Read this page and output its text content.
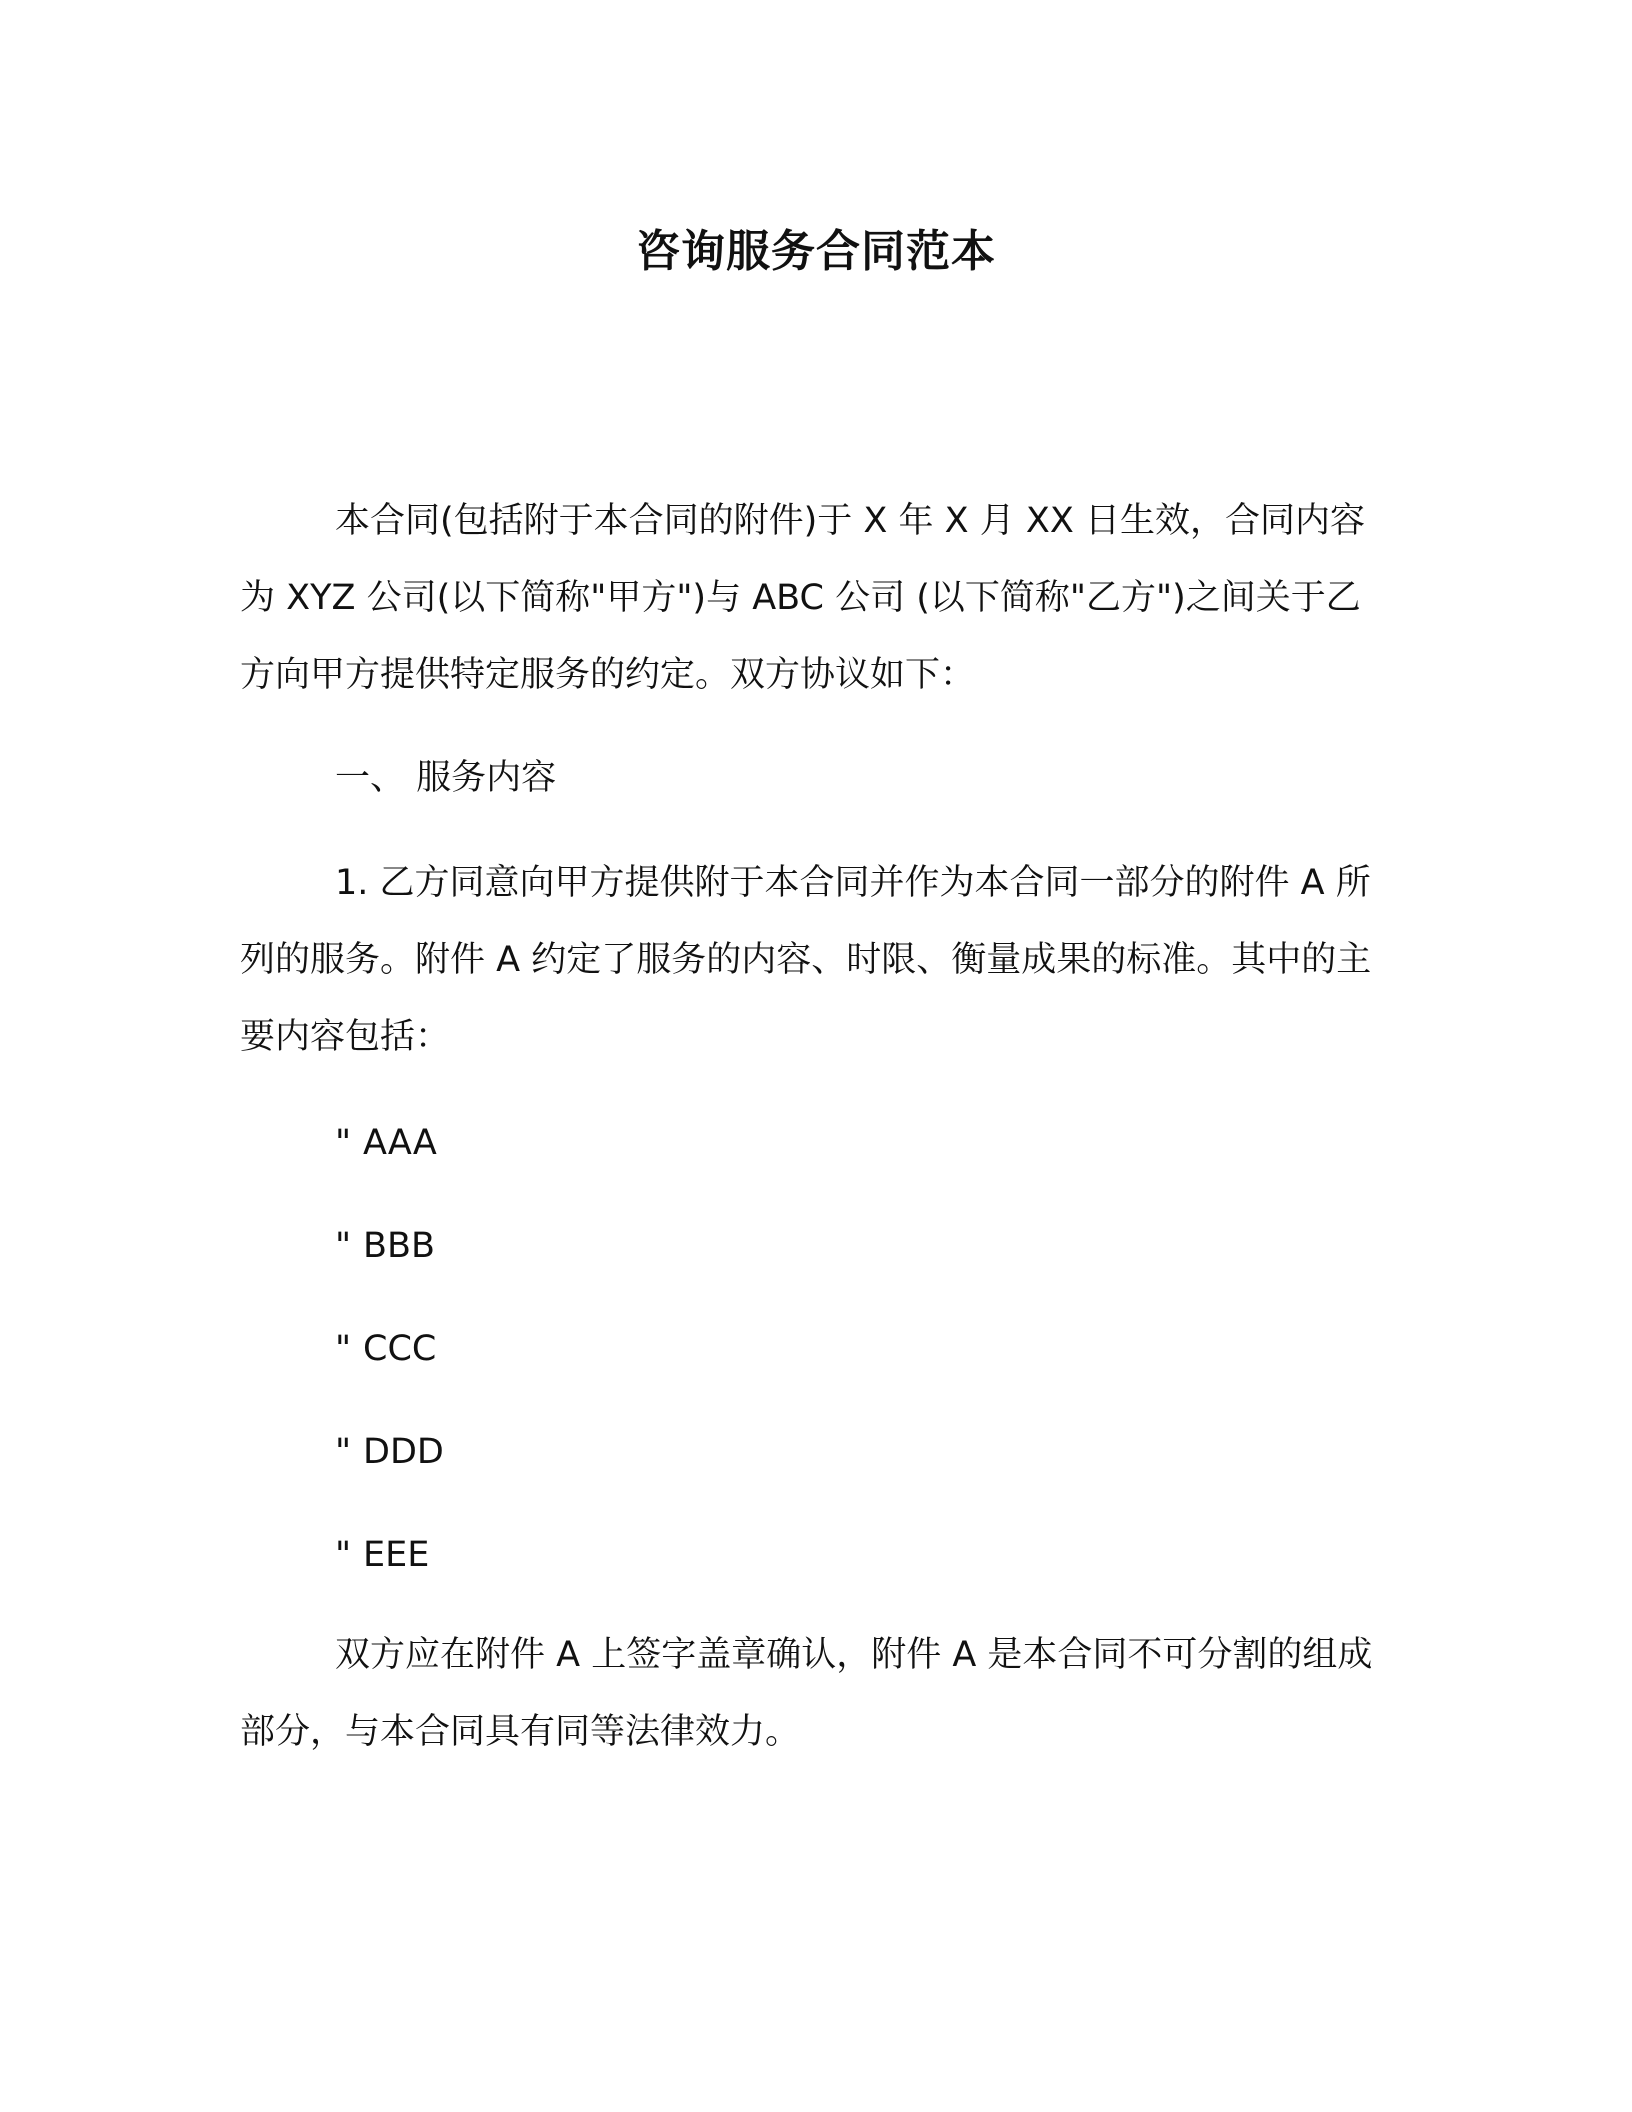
咨询服务合同范本

本合同(包括附于本合同的附件)于 X 年 X 月 XX 日生效，合同内容为 XYZ 公司(以下简称"甲方")与 ABC 公司 (以下简称"乙方")之间关于乙方向甲方提供特定服务的约定。双方协议如下：

一、 服务内容

1. 乙方同意向甲方提供附于本合同并作为本合同一部分的附件 A 所列的服务。附件 A 约定了服务的内容、时限、衡量成果的标准。其中的主要内容包括：

" AAA
" BBB
" CCC
" DDD
" EEE

双方应在附件 A 上签字盖章确认，附件 A 是本合同不可分割的组成部分，与本合同具有同等法律效力。
